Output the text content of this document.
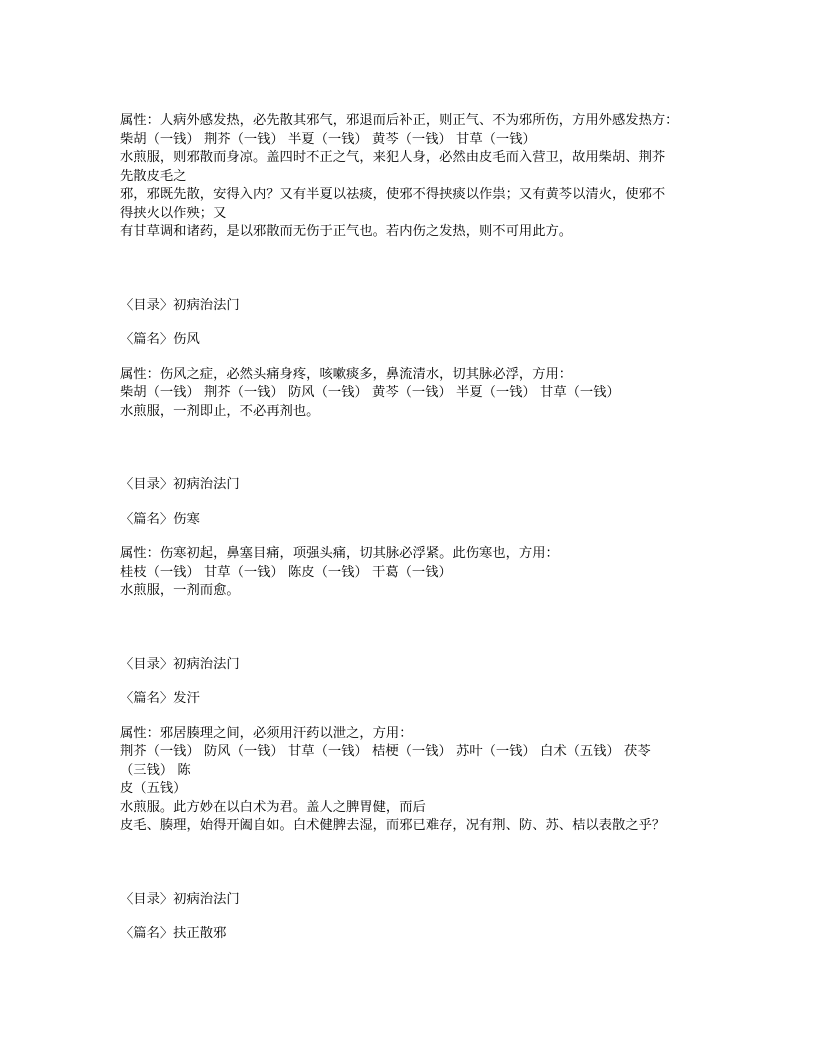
属性：人病外感发热，必先散其邪气，邪退而后补正，则正气、不为邪所伤，方用外感发热方：
柴胡（一钱） 荆芥（一钱） 半夏（一钱） 黄芩（一钱） 甘草（一钱）
水煎服，则邪散而身凉。盖四时不正之气，来犯人身，必然由皮毛而入营卫，故用柴胡、荆芥
先散皮毛之
邪，邪既先散，安得入内？又有半夏以祛痰，使邪不得挟痰以作祟；又有黄芩以清火，使邪不
得挟火以作殃；又
有甘草调和诸药，是以邪散而无伤于正气也。若内伤之发热，则不可用此方。
〈目录〉初病治法门
〈篇名〉伤风
属性：伤风之症，必然头痛身疼，咳嗽痰多，鼻流清水，切其脉必浮，方用：
柴胡（一钱） 荆芥（一钱） 防风（一钱） 黄芩（一钱） 半夏（一钱） 甘草（一钱）
水煎服，一剂即止，不必再剂也。
〈目录〉初病治法门
〈篇名〉伤寒
属性：伤寒初起，鼻塞目痛，项强头痛，切其脉必浮紧。此伤寒也，方用：
桂枝（一钱） 甘草（一钱） 陈皮（一钱） 干葛（一钱）
水煎服，一剂而愈。
〈目录〉初病治法门
〈篇名〉发汗
属性：邪居腠理之间，必须用汗药以泄之，方用：
荆芥（一钱） 防风（一钱） 甘草（一钱） 桔梗（一钱） 苏叶（一钱） 白术（五钱） 茯苓
（三钱） 陈
皮（五钱）
水煎服。此方妙在以白术为君。盖人之脾胃健，而后
皮毛、腠理，始得开阖自如。白术健脾去湿，而邪已难存，况有荆、防、苏、桔以表散之乎？
〈目录〉初病治法门
〈篇名〉扶正散邪
